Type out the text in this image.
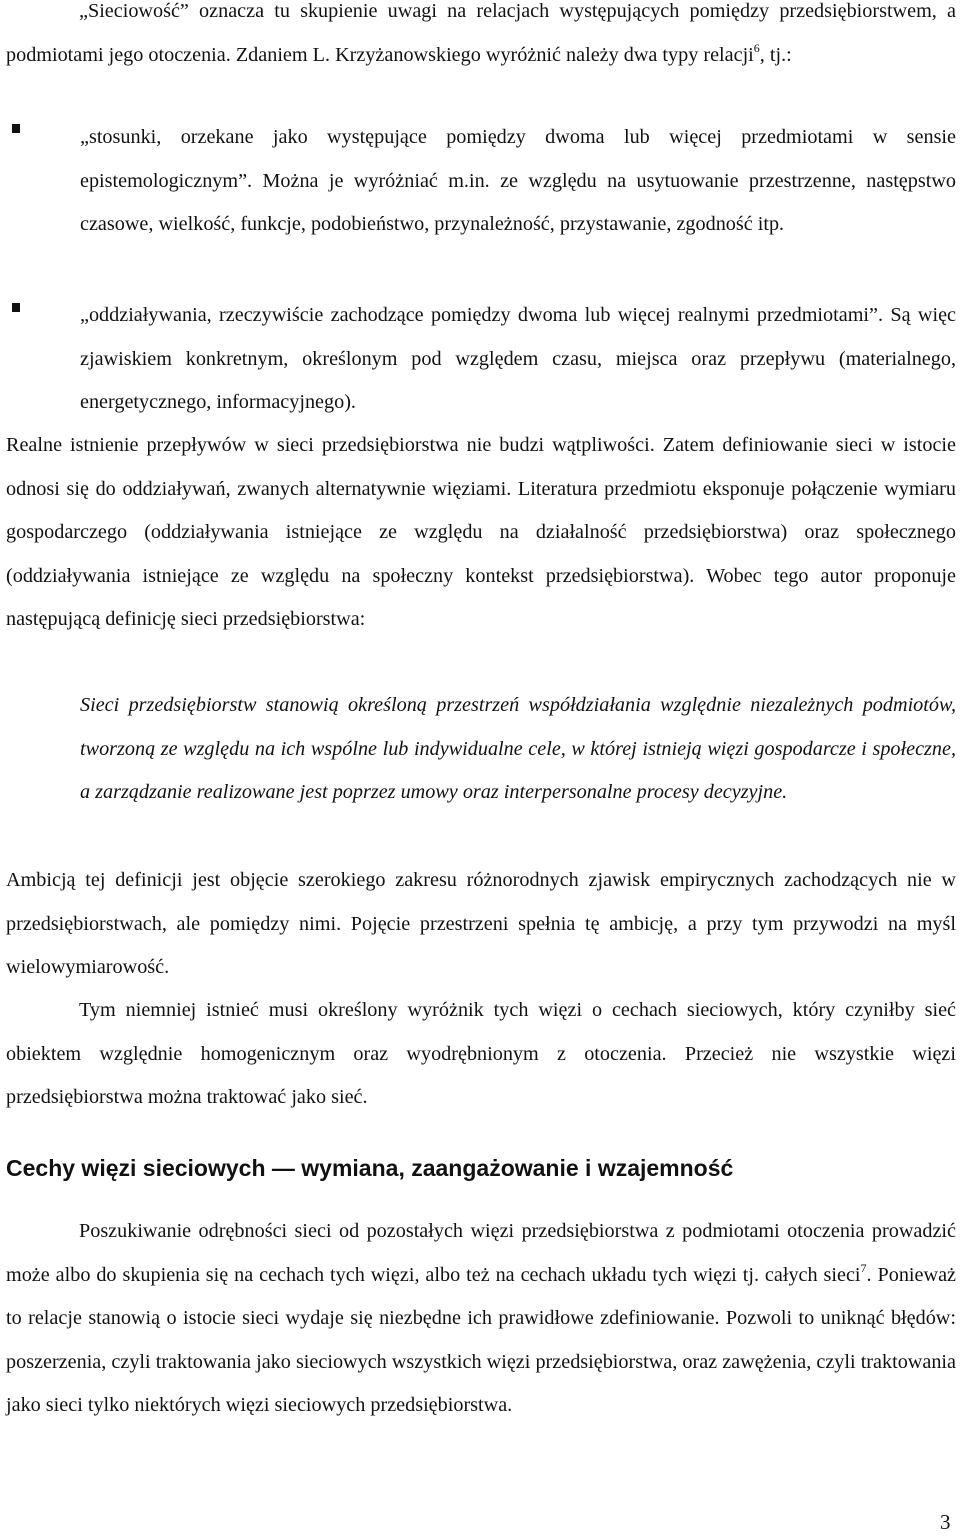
„Sieciowość” oznacza tu skupienie uwagi na relacjach występujących pomiędzy przedsiębiorstwem, a podmiotami jego otoczenia. Zdaniem L. Krzyżanowskiego wyróżnić należy dwa typy relacji$^6$, tj.:

„stosunki, orzekane jako występujące pomiędzy dwoma lub więcej przedmiotami w sensie epistemologicznym”. Można je wyróżniać m.in. ze względu na usytuowanie przestrzenne, następstwo czasowe, wielkość, funkcje, podobieństwo, przynależność, przystawanie, zgodność itp.

„oddziaływania, rzeczywiście zachodzące pomiędzy dwoma lub więcej realnymi przedmiotami”. Są więc zjawiskiem konkretnym, określonym pod względem czasu, miejsca oraz przepływu (materialnego, energetycznego, informacyjnego).

Realne istnienie przepływów w sieci przedsiębiorstwa nie budzi wątpliwości. Zatem definiowanie sieci w istocie odnosi się do oddziaływań, zwanych alternatywnie więziami. Literatura przedmiotu eksponuje połączenie wymiaru gospodarczego (oddziaływania istniejące ze względu na działalność przedsiębiorstwa) oraz społecznego (oddziaływania istniejące ze względu na społeczny kontekst przedsiębiorstwa). Wobec tego autor proponuje następującą definicję sieci przedsiębiorstwa:

Sieci przedsiębiorstw stanowią określoną przestrzeń współdziałania względnie niezależnych podmiotów, tworzoną ze względu na ich wspólne lub indywidualne cele, w której istnieją więzi gospodarcze i społeczne, a zarządzanie realizowane jest poprzez umowy oraz interpersonalne procesy decyzyjne.

Ambicją tej definicji jest objęcie szerokiego zakresu różnorodnych zjawisk empirycznych zachodzących nie w przedsiębiorstwach, ale pomiędzy nimi. Pojęcie przestrzeni spełnia tę ambicję, a przy tym przywodzi na myśl wielowymiarowość.

Tym niemniej istnieć musi określony wyróżnik tych więzi o cechach sieciowych, który czyniłby sieć obiektem względnie homogenicznym oraz wyodrębnionym z otoczenia. Przecież nie wszystkie więzi przedsiębiorstwa można traktować jako sieć.

Cechy więzi sieciowych — wymiana, zaangażowanie i wzajemność

Poszukiwanie odrębności sieci od pozostałych więzi przedsiębiorstwa z podmiotami otoczenia prowadzić może albo do skupienia się na cechach tych więzi, albo też na cechach układu tych więzi tj. całych sieci$^7$. Ponieważ to relacje stanowią o istocie sieci wydaje się niezbędne ich prawidłowe zdefiniowanie. Pozwoli to uniknąć błędów: poszerzenia, czyli traktowania jako sieciowych wszystkich więzi przedsiębiorstwa, oraz zawężenia, czyli traktowania jako sieci tylko niektórych więzi sieciowych przedsiębiorstwa.

3
